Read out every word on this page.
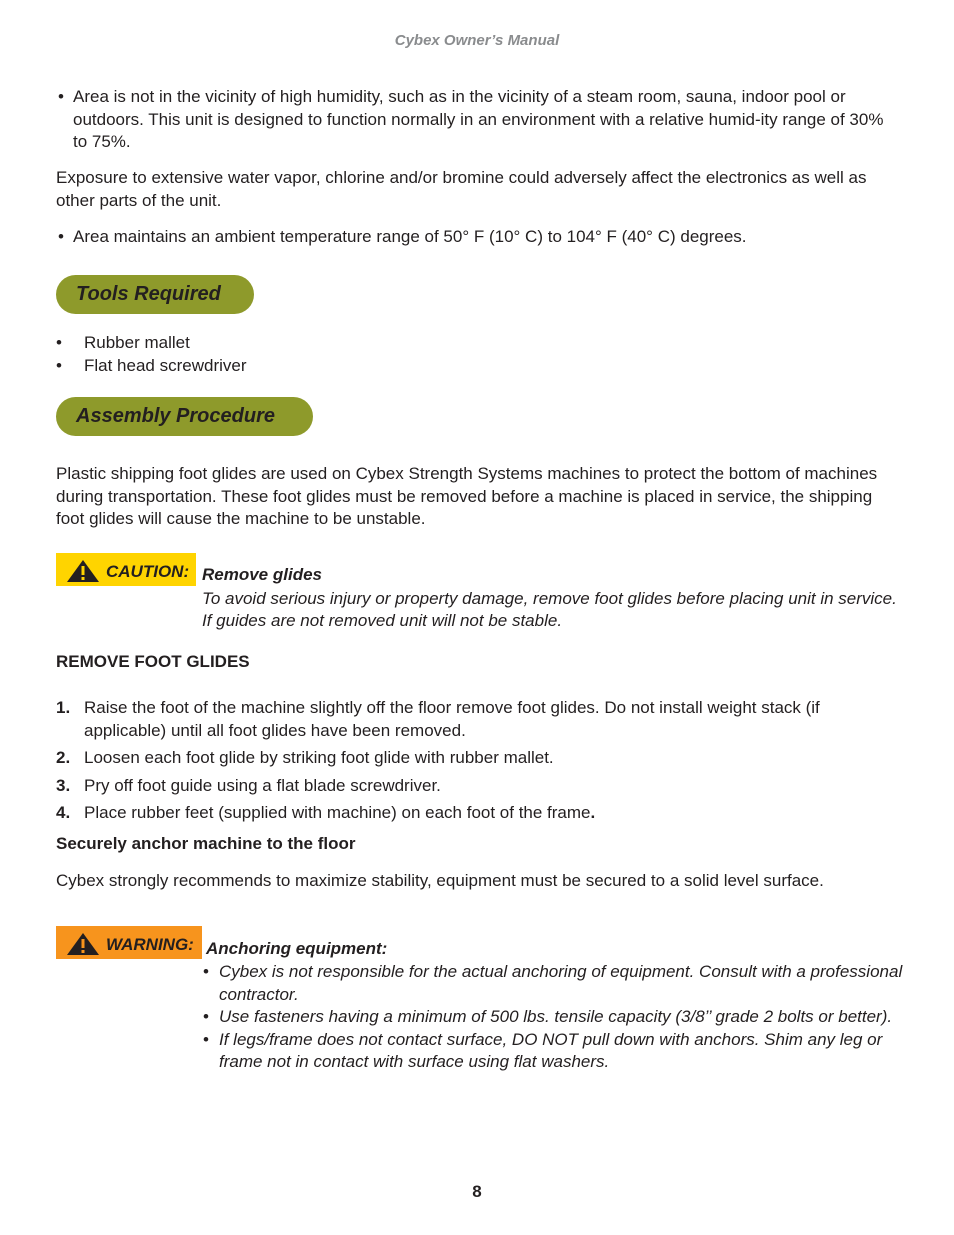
Cybex Owner’s Manual
• Area is not in the vicinity of high humidity, such as in the vicinity of a steam room, sauna, indoor pool or outdoors. This unit is designed to function normally in an environment with a relative humid-ity range of 30% to 75%.
Exposure to extensive water vapor, chlorine and/or bromine could adversely affect the electronics as well as other parts of the unit.
• Area maintains an ambient temperature range of 50° F (10° C) to 104° F (40° C) degrees.
Tools Required
•	Rubber mallet
•	Flat head screwdriver
Assembly Procedure
Plastic shipping foot glides are used on Cybex Strength Systems machines to protect the bottom of machines during transportation. These foot glides must be removed before a machine is placed in service, the shipping foot glides will cause the machine to be unstable.
CAUTION: Remove glides
To avoid serious injury or property damage, remove foot glides before placing unit in service. If guides are not removed unit will not be stable.
REMOVE FOOT GLIDES
1. Raise the foot of the machine slightly off the floor remove foot glides. Do not install weight stack (if applicable) until all foot glides have been removed.
2. Loosen each foot glide by striking foot glide with rubber mallet.
3. Pry off foot guide using a flat blade screwdriver.
4. Place rubber feet (supplied with machine) on each foot of the frame.
Securely anchor machine to the floor
Cybex strongly recommends to maximize stability, equipment must be secured to a solid level surface.
WARNING: Anchoring equipment:
• Cybex is not responsible for the actual anchoring of equipment. Consult with a professional contractor.
• Use fasteners having a minimum of 500 lbs. tensile capacity (3/8’’ grade 2 bolts or better).
• If legs/frame does not contact surface, DO NOT pull down with anchors. Shim any leg or frame not in contact with surface using flat washers.
8
